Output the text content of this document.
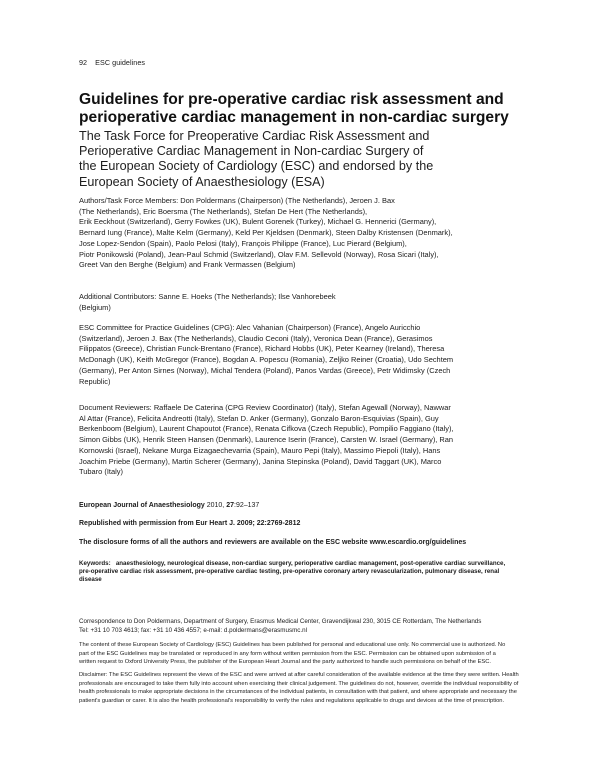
92 ESC guidelines
Guidelines for pre-operative cardiac risk assessment and
perioperative cardiac management in non-cardiac surgery
The Task Force for Preoperative Cardiac Risk Assessment and
Perioperative Cardiac Management in Non-cardiac Surgery of
the European Society of Cardiology (ESC) and endorsed by the
European Society of Anaesthesiology (ESA)
Authors/Task Force Members: Don Poldermans (Chairperson) (The Netherlands), Jeroen J. Bax
(The Netherlands), Eric Boersma (The Netherlands), Stefan De Hert (The Netherlands),
Erik Eeckhout (Switzerland), Gerry Fowkes (UK), Bulent Gorenek (Turkey), Michael G. Hennerici (Germany),
Bernard Iung (France), Malte Kelm (Germany), Keld Per Kjeldsen (Denmark), Steen Dalby Kristensen (Denmark),
Jose Lopez-Sendon (Spain), Paolo Pelosi (Italy), François Philippe (France), Luc Pierard (Belgium),
Piotr Ponikowski (Poland), Jean-Paul Schmid (Switzerland), Olav F.M. Sellevold (Norway), Rosa Sicari (Italy),
Greet Van den Berghe (Belgium) and Frank Vermassen (Belgium)
Additional Contributors: Sanne E. Hoeks (The Netherlands); Ilse Vanhorebeek
(Belgium)
ESC Committee for Practice Guidelines (CPG): Alec Vahanian (Chairperson) (France), Angelo Auricchio
(Switzerland), Jeroen J. Bax (The Netherlands), Claudio Ceconi (Italy), Veronica Dean (France), Gerasimos
Filippatos (Greece), Christian Funck-Brentano (France), Richard Hobbs (UK), Peter Kearney (Ireland), Theresa
McDonagh (UK), Keith McGregor (France), Bogdan A. Popescu (Romania), Zeljko Reiner (Croatia), Udo Sechtem
(Germany), Per Anton Sirnes (Norway), Michal Tendera (Poland), Panos Vardas (Greece), Petr Widimsky (Czech
Republic)
Document Reviewers: Raffaele De Caterina (CPG Review Coordinator) (Italy), Stefan Agewall (Norway), Nawwar
Al Attar (France), Felicita Andreotti (Italy), Stefan D. Anker (Germany), Gonzalo Baron-Esquivias (Spain), Guy
Berkenboom (Belgium), Laurent Chapoutot (France), Renata Cifkova (Czech Republic), Pompilio Faggiano (Italy),
Simon Gibbs (UK), Henrik Steen Hansen (Denmark), Laurence Iserin (France), Carsten W. Israel (Germany), Ran
Kornowski (Israel), Nekane Murga Eizagaechevarria (Spain), Mauro Pepi (Italy), Massimo Piepoli (Italy), Hans
Joachim Priebe (Germany), Martin Scherer (Germany), Janina Stepinska (Poland), David Taggart (UK), Marco
Tubaro (Italy)
European Journal of Anaesthesiology 2010, 27:92–137
Republished with permission from Eur Heart J. 2009; 22:2769-2812
The disclosure forms of all the authors and reviewers are available on the ESC website www.escardio.org/guidelines
Keywords: anaesthesiology, neurological disease, non-cardiac surgery, perioperative cardiac management, post-operative cardiac surveillance,
pre-operative cardiac risk assessment, pre-operative cardiac testing, pre-operative coronary artery revascularization, pulmonary disease, renal
disease
Correspondence to Don Poldermans, Department of Surgery, Erasmus Medical Center, Gravendijkwal 230, 3015 CE Rotterdam, The Netherlands
Tel: +31 10 703 4613; fax: +31 10 436 4557; e-mail: d.poldermans@erasmusmc.nl
The content of these European Society of Cardiology (ESC) Guidelines has been published for personal and educational use only. No commercial use is authorized. No
part of the ESC Guidelines may be translated or reproduced in any form without written permission from the ESC. Permission can be obtained upon submission of a
written request to Oxford University Press, the publisher of the European Heart Journal and the party authorized to handle such permissions on behalf of the ESC.
Disclaimer: The ESC Guidelines represent the views of the ESC and were arrived at after careful consideration of the available evidence at the time they were written. Health
professionals are encouraged to take them fully into account when exercising their clinical judgement. The guidelines do not, however, override the individual responsibility of
health professionals to make appropriate decisions in the circumstances of the individual patients, in consultation with that patient, and where appropriate and necessary the
patient's guardian or carer. It is also the health professional's responsibility to verify the rules and regulations applicable to drugs and devices at the time of prescription.
